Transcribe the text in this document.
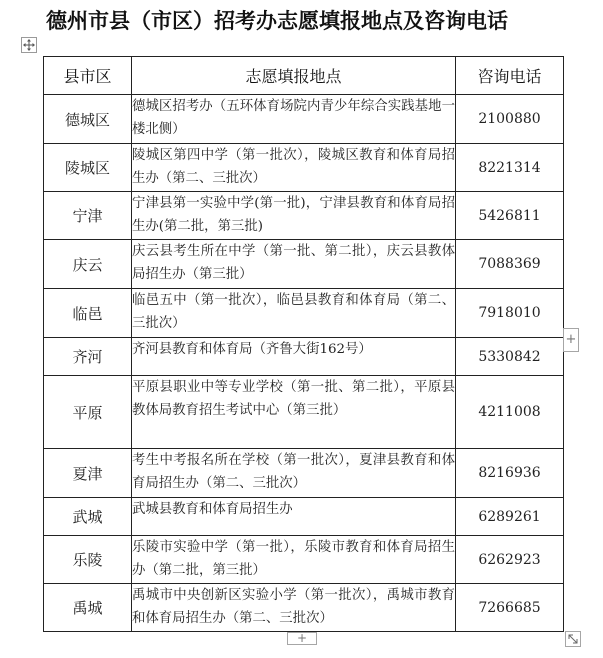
德州市县（市区）招考办志愿填报地点及咨询电话
县市区	志愿填报地点	咨询电话
德城区	德城区招考办（五环体育场院内青少年综合实践基地一楼北侧）	2100880
陵城区	陵城区第四中学（第一批次），陵城区教育和体育局招生办（第二、三批次）	8221314
宁津	宁津县第一实验中学(第一批)，宁津县教育和体育局招生办(第二批，第三批)	5426811
庆云	庆云县考生所在中学（第一批、第二批），庆云县教体局招生办（第三批）	7088369
临邑	临邑五中（第一批次），临邑县教育和体育局（第二、三批次）	7918010
齐河	齐河县教育和体育局（齐鲁大街162号）	5330842
平原	平原县职业中等专业学校（第一批、第二批），平原县教体局教育招生考试中心（第三批）	4211008
夏津	考生中考报名所在学校（第一批次），夏津县教育和体育局招生办（第二、三批次）	8216936
武城	武城县教育和体育局招生办	6289261
乐陵	乐陵市实验中学（第一批），乐陵市教育和体育局招生办（第二批，第三批）	6262923
禹城	禹城市中央创新区实验小学（第一批次），禹城市教育和体育局招生办（第二、三批次）	7266685
+
+
